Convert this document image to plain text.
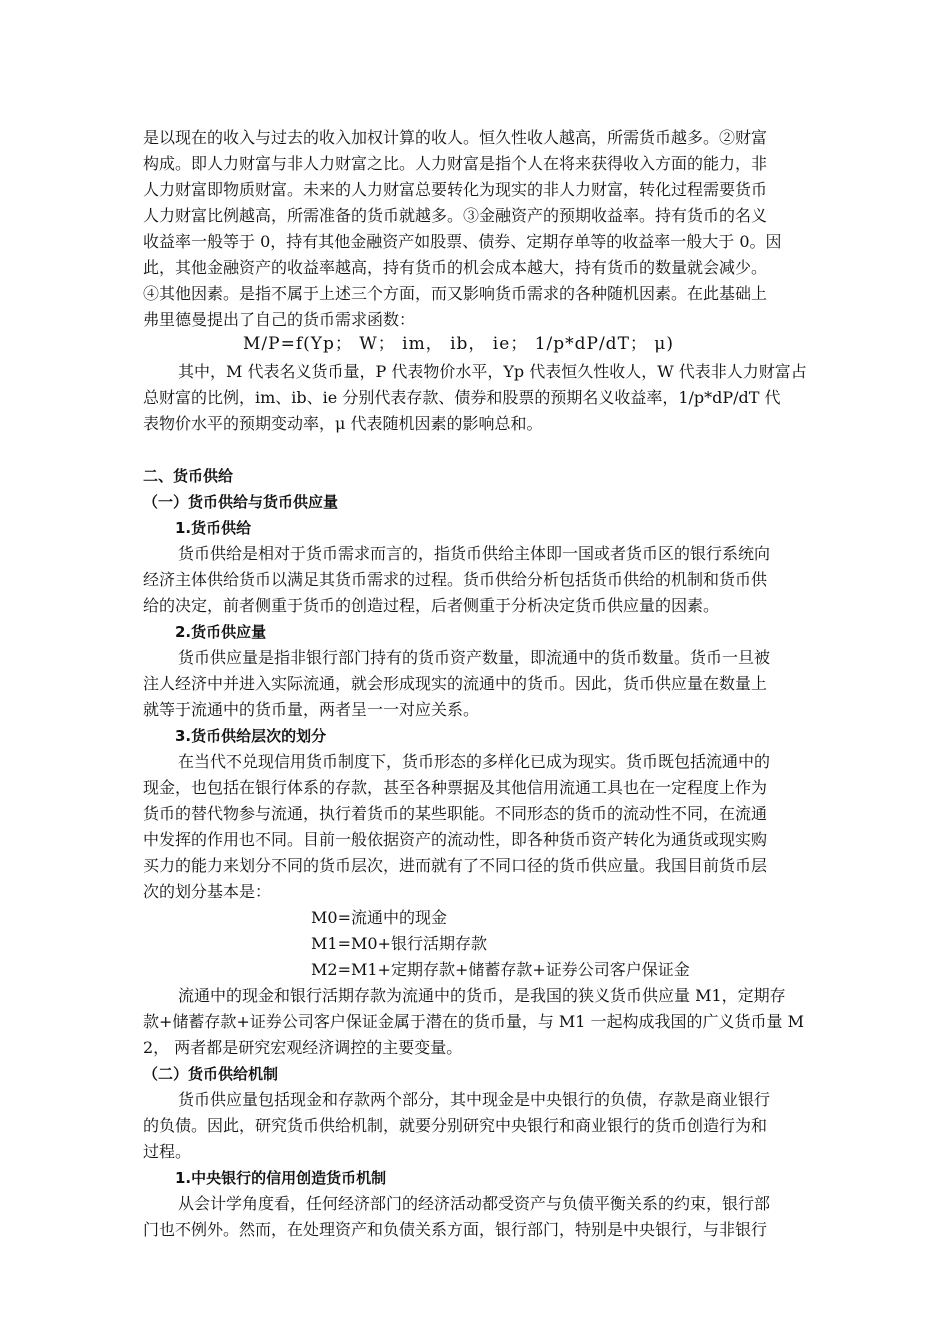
是以现在的收入与过去的收入加权计算的收人。恒久性收人越高，所需货币越多。②财富
构成。即人力财富与非人力财富之比。人力财富是指个人在将来获得收入方面的能力，非
人力财富即物质财富。未来的人力财富总要转化为现实的非人力财富，转化过程需要货币
人力财富比例越高，所需准备的货币就越多。③金融资产的预期收益率。持有货币的名义
收益率一般等于 0，持有其他金融资产如股票、债券、定期存单等的收益率一般大于 0。因
此，其他金融资产的收益率越高，持有货币的机会成本越大，持有货币的数量就会减少。
④其他因素。是指不属于上述三个方面，而又影响货币需求的各种随机因素。在此基础上
弗里德曼提出了自己的货币需求函数：
M/P=f(Yp； W； im， ib， ie； 1/p*dP/dT； μ)
其中，M 代表名义货币量，P 代表物价水平，Yp 代表恒久性收人，W 代表非人力财富占
总财富的比例，im、ib、ie 分别代表存款、债券和股票的预期名义收益率，1/p*dP/dT 代
表物价水平的预期变动率，μ 代表随机因素的影响总和。
二、货币供给
（一）货币供给与货币供应量
1.货币供给
货币供给是相对于货币需求而言的，指货币供给主体即一国或者货币区的银行系统向
经济主体供给货币以满足其货币需求的过程。货币供给分析包括货币供给的机制和货币供
给的决定，前者侧重于货币的创造过程，后者侧重于分析决定货币供应量的因素。
2.货币供应量
货币供应量是指非银行部门持有的货币资产数量，即流通中的货币数量。货币一旦被
注人经济中并进入实际流通，就会形成现实的流通中的货币。因此，货币供应量在数量上
就等于流通中的货币量，两者呈一一对应关系。
3.货币供给层次的划分
在当代不兑现信用货币制度下，货币形态的多样化已成为现实。货币既包括流通中的
现金，也包括在银行体系的存款，甚至各种票据及其他信用流通工具也在一定程度上作为
货币的替代物参与流通，执行着货币的某些职能。不同形态的货币的流动性不同，在流通
中发挥的作用也不同。目前一般依据资产的流动性，即各种货币资产转化为通货或现实购
买力的能力来划分不同的货币层次，进而就有了不同口径的货币供应量。我国目前货币层
次的划分基本是：
M0=流通中的现金
M1=M0+银行活期存款
M2=M1+定期存款+储蓄存款+证券公司客户保证金
流通中的现金和银行活期存款为流通中的货币，是我国的狭义货币供应量 M1，定期存
款+储蓄存款+证券公司客户保证金属于潜在的货币量，与 M1 一起构成我国的广义货币量 M
2， 两者都是研究宏观经济调控的主要变量。
（二）货币供给机制
货币供应量包括现金和存款两个部分，其中现金是中央银行的负债，存款是商业银行
的负债。因此，研究货币供给机制，就要分别研究中央银行和商业银行的货币创造行为和
过程。
1.中央银行的信用创造货币机制
从会计学角度看，任何经济部门的经济活动都受资产与负债平衡关系的约束，银行部
门也不例外。然而，在处理资产和负债关系方面，银行部门，特别是中央银行，与非银行
